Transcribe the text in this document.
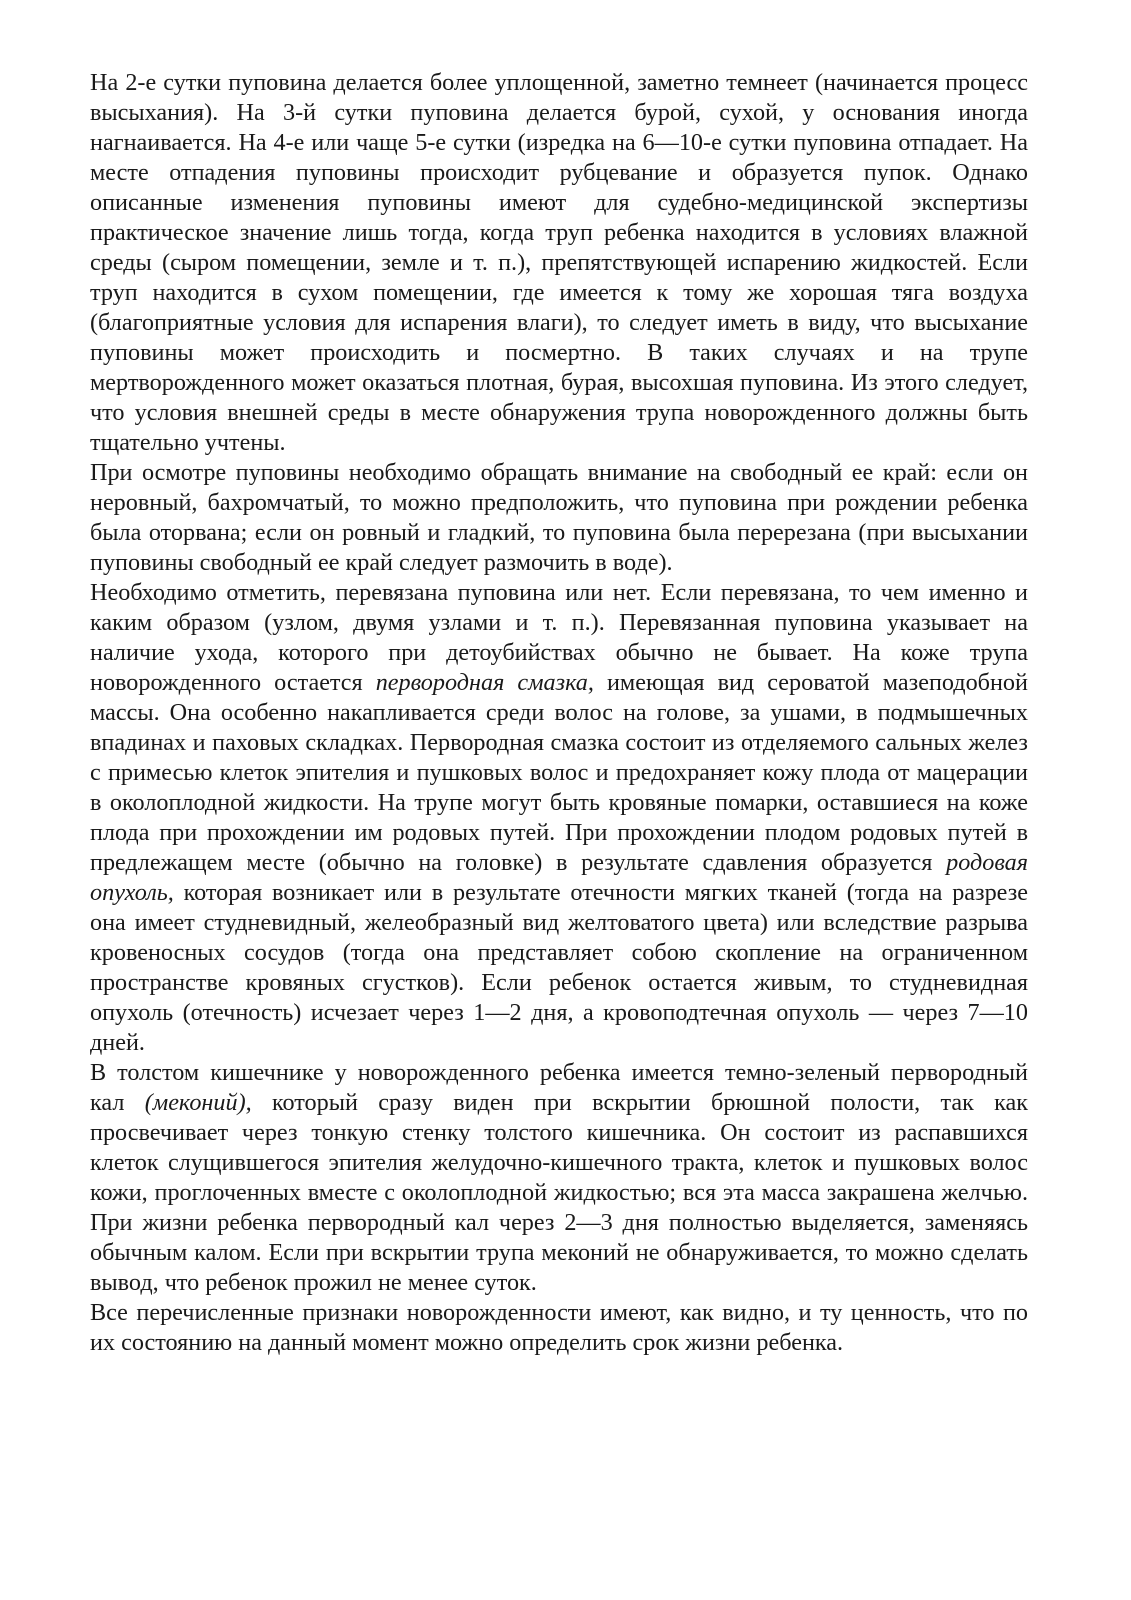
На 2-е сутки пуповина делается более уплощенной, заметно темнеет (начинается процесс высыхания). На 3-й сутки пуповина делается бурой, сухой, у основания иногда нагнаивается. На 4-е или чаще 5-е сутки (изредка на 6—10-е сутки пуповина отпадает. На месте отпадения пуповины происходит рубцевание и образуется пупок. Однако описанные изменения пуповины имеют для судебно-медицинской экспертизы практическое значение лишь тогда, когда труп ребенка находится в условиях влажной среды (сыром помещении, земле и т. п.), препятствующей испарению жидкостей. Если труп находится в сухом помещении, где имеется к тому же хорошая тяга воздуха (благоприятные условия для испарения влаги), то следует иметь в виду, что высыхание пуповины может происходить и посмертно. В таких случаях и на трупе мертворожденного может оказаться плотная, бурая, высохшая пуповина. Из этого следует, что условия внешней среды в месте обнаружения трупа новорожденного должны быть тщательно учтены.

При осмотре пуповины необходимо обращать внимание на свободный ее край: если он неровный, бахромчатый, то можно предположить, что пуповина при рождении ребенка была оторвана; если он ровный и гладкий, то пуповина была перерезана (при высыхании пуповины свободный ее край следует размочить в воде).

Необходимо отметить, перевязана пуповина или нет. Если перевязана, то чем именно и каким образом (узлом, двумя узлами и т. п.). Перевязанная пуповина указывает на наличие ухода, которого при детоубийствах обычно не бывает. На коже трупа новорожденного остается первородная смазка, имеющая вид сероватой мазеподобной массы. Она особенно накапливается среди волос на голове, за ушами, в подмышечных впадинах и паховых складках. Первородная смазка состоит из отделяемого сальных желез с примесью клеток эпителия и пушковых волос и предохраняет кожу плода от мацерации в околоплодной жидкости. На трупе могут быть кровяные помарки, оставшиеся на коже плода при прохождении им родовых путей. При прохождении плодом родовых путей в предлежащем месте (обычно на головке) в результате сдавления образуется родовая опухоль, которая возникает или в результате отечности мягких тканей (тогда на разрезе она имеет студневидный, желеобразный вид желтоватого цвета) или вследствие разрыва кровеносных сосудов (тогда она представляет собою скопление на ограниченном пространстве кровяных сгустков). Если ребенок остается живым, то студневидная опухоль (отечность) исчезает через 1—2 дня, а кровоподтечная опухоль — через 7—10 дней.

В толстом кишечнике у новорожденного ребенка имеется темно-зеленый первородный кал (меконий), который сразу виден при вскрытии брюшной полости, так как просвечивает через тонкую стенку толстого кишечника. Он состоит из распавшихся клеток слущившегося эпителия желудочно-кишечного тракта, клеток и пушковых волос кожи, проглоченных вместе с околоплодной жидкостью; вся эта масса закрашена желчью. При жизни ребенка первородный кал через 2—3 дня полностью выделяется, заменяясь обычным калом. Если при вскрытии трупа меконий не обнаруживается, то можно сделать вывод, что ребенок прожил не менее суток.

Все перечисленные признаки новорожденности имеют, как видно, и ту ценность, что по их состоянию на данный момент можно определить срок жизни ребенка.
